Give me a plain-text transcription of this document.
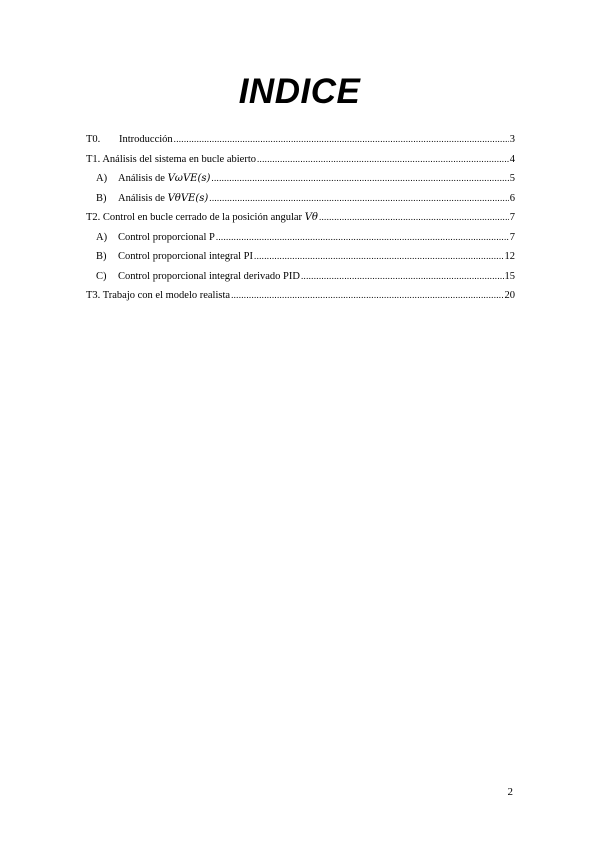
INDICE
T0.	Introducción .....	3
T1. Análisis del sistema en bucle abierto .....	4
A)	Análisis de VωVE(s) .....	5
B)	Análisis de VθVE(s) .....	6
T2. Control en bucle cerrado de la posición angular Vθ .....	7
A)	Control proporcional P .....	7
B)	Control proporcional integral PI .....	12
C)	Control proporcional integral derivado PID .....	15
T3. Trabajo con el modelo realista .....	20
2
